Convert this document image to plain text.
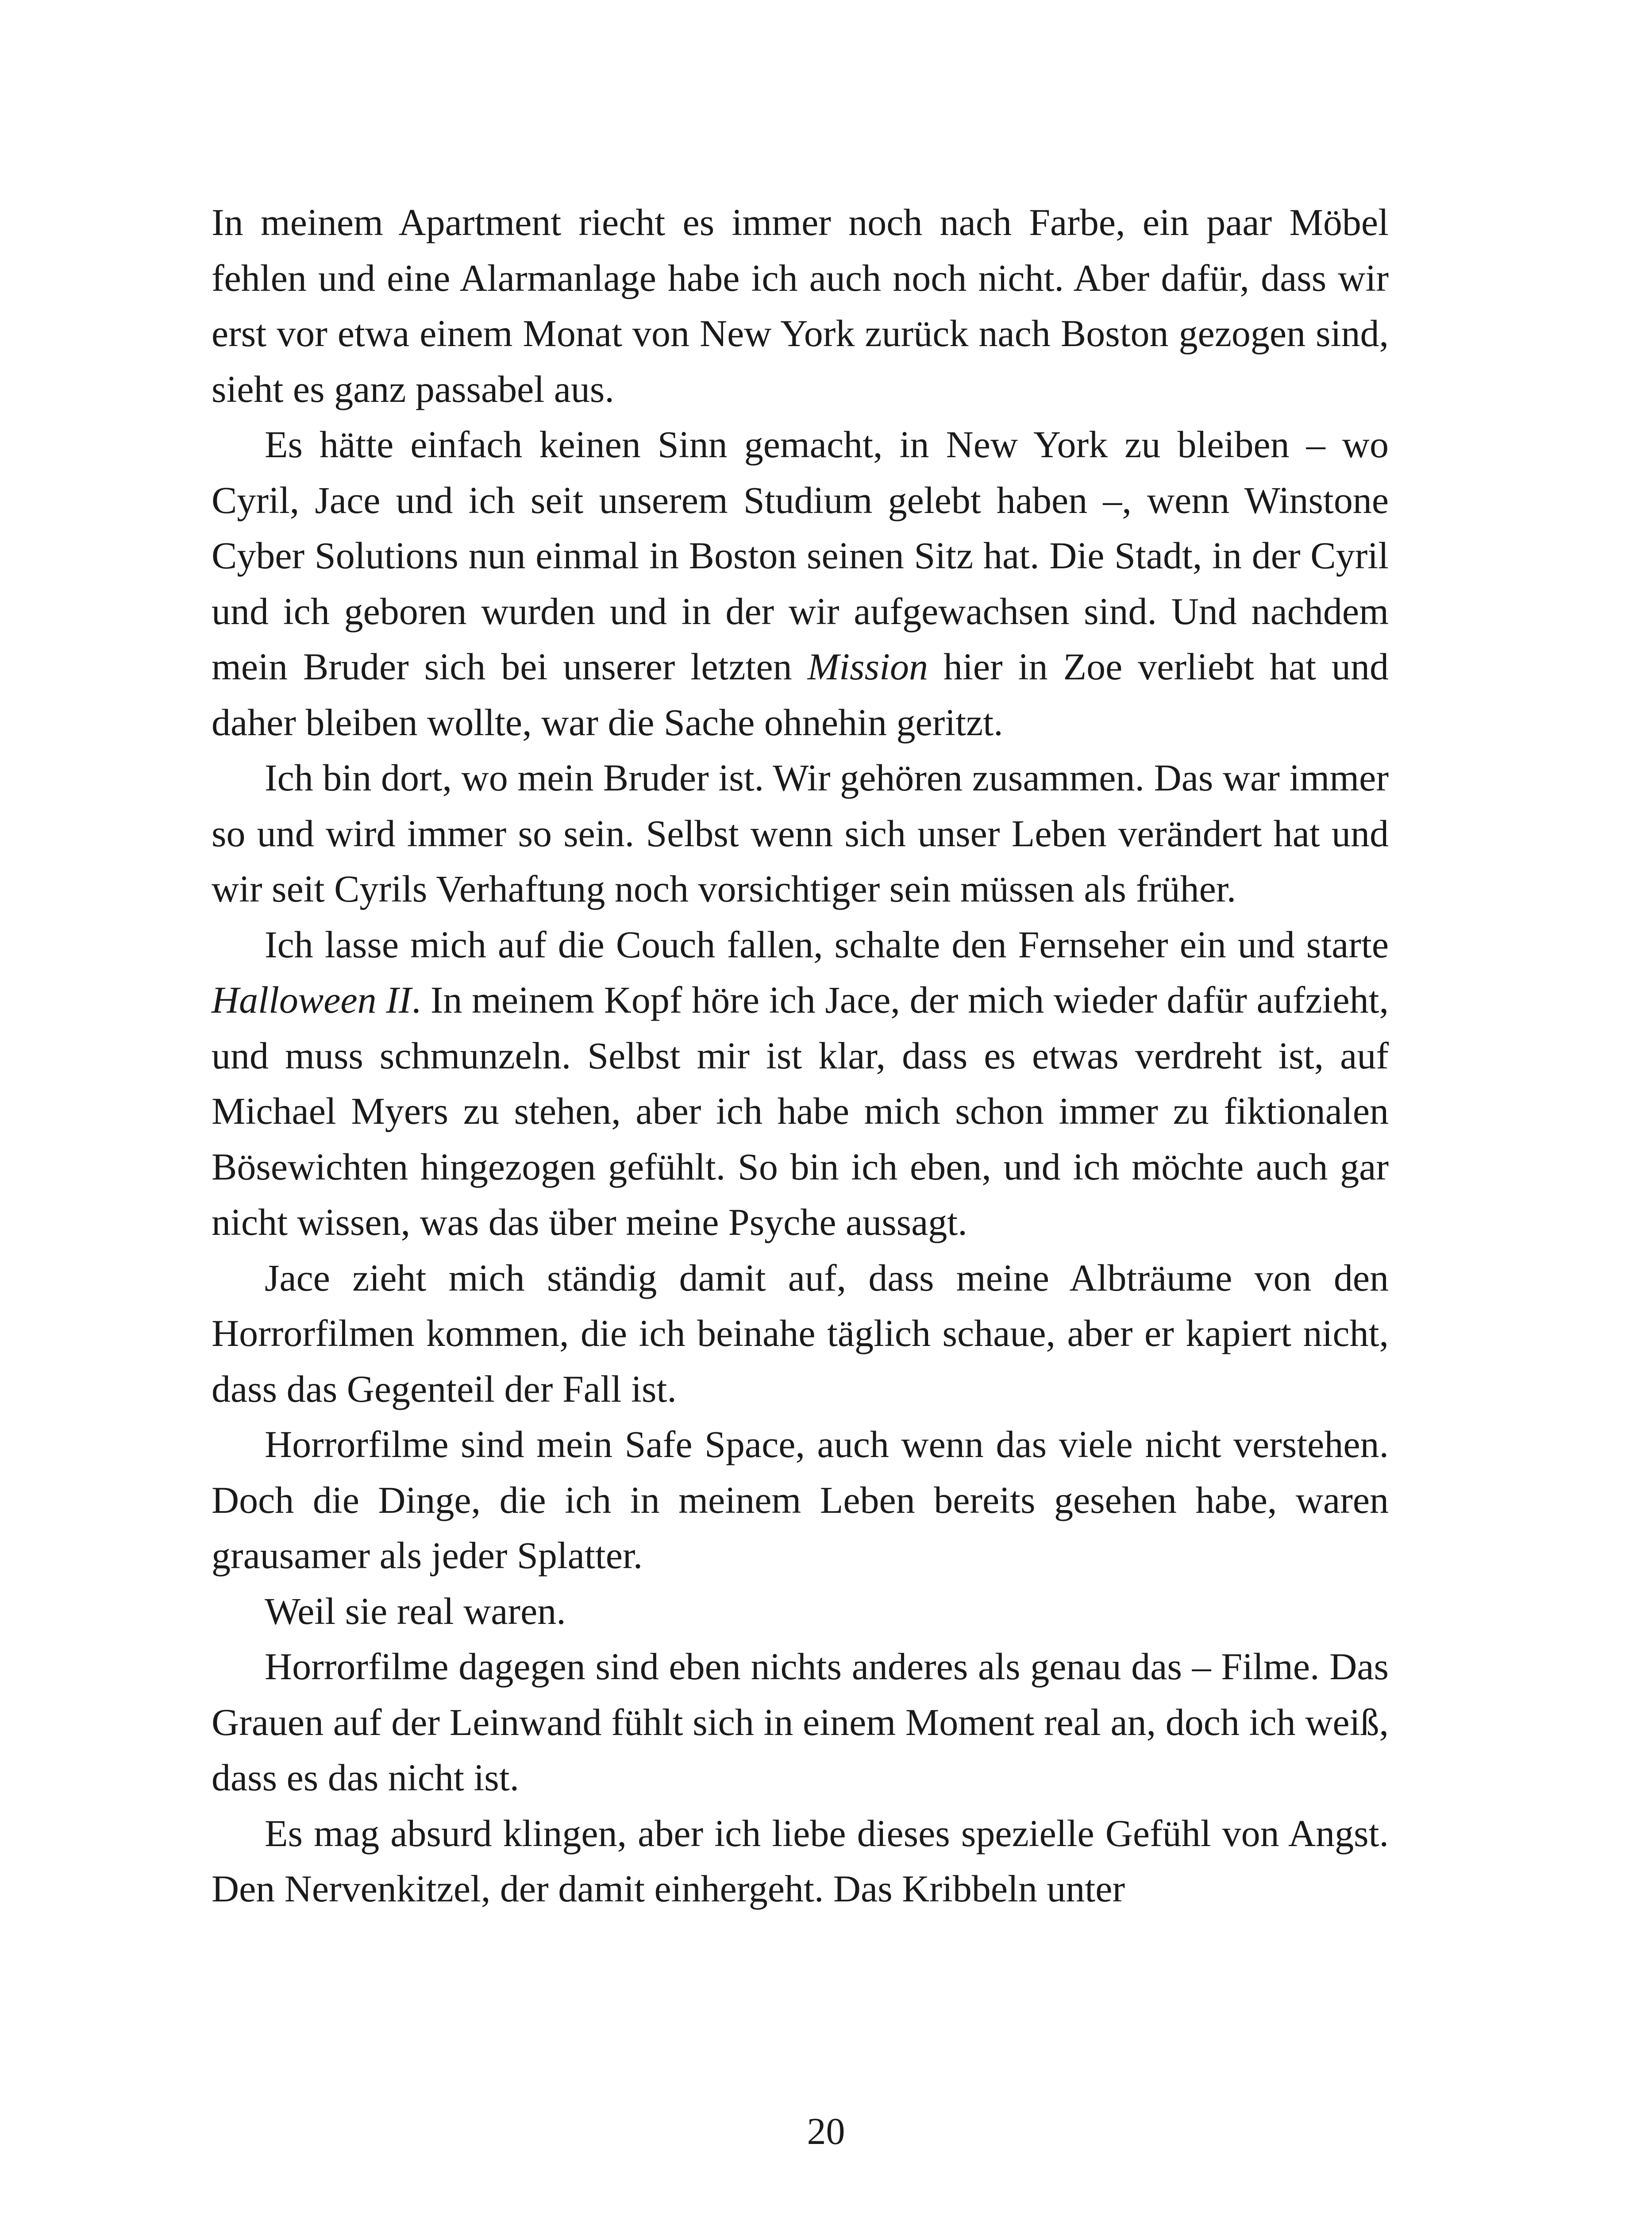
In meinem Apartment riecht es immer noch nach Farbe, ein paar Möbel fehlen und eine Alarmanlage habe ich auch noch nicht. Aber dafür, dass wir erst vor etwa einem Monat von New York zurück nach Boston gezogen sind, sieht es ganz passabel aus.

Es hätte einfach keinen Sinn gemacht, in New York zu bleiben – wo Cyril, Jace und ich seit unserem Studium gelebt haben –, wenn Winstone Cyber Solutions nun einmal in Boston seinen Sitz hat. Die Stadt, in der Cyril und ich geboren wurden und in der wir aufgewachsen sind. Und nachdem mein Bruder sich bei unserer letzten Mission hier in Zoe verliebt hat und daher bleiben wollte, war die Sache ohnehin geritzt.

Ich bin dort, wo mein Bruder ist. Wir gehören zusammen. Das war immer so und wird immer so sein. Selbst wenn sich unser Leben verändert hat und wir seit Cyrils Verhaftung noch vorsichtiger sein müssen als früher.

Ich lasse mich auf die Couch fallen, schalte den Fernseher ein und starte Halloween II. In meinem Kopf höre ich Jace, der mich wieder dafür aufzieht, und muss schmunzeln. Selbst mir ist klar, dass es etwas verdreht ist, auf Michael Myers zu stehen, aber ich habe mich schon immer zu fiktionalen Bösewichten hingezogen gefühlt. So bin ich eben, und ich möchte auch gar nicht wissen, was das über meine Psyche aussagt.

Jace zieht mich ständig damit auf, dass meine Albträume von den Horrorfilmen kommen, die ich beinahe täglich schaue, aber er kapiert nicht, dass das Gegenteil der Fall ist.

Horrorfilme sind mein Safe Space, auch wenn das viele nicht verstehen. Doch die Dinge, die ich in meinem Leben bereits gesehen habe, waren grausamer als jeder Splatter.

Weil sie real waren.

Horrorfilme dagegen sind eben nichts anderes als genau das – Filme. Das Grauen auf der Leinwand fühlt sich in einem Moment real an, doch ich weiß, dass es das nicht ist.

Es mag absurd klingen, aber ich liebe dieses spezielle Gefühl von Angst. Den Nervenkitzel, der damit einhergeht. Das Kribbeln unter

20
